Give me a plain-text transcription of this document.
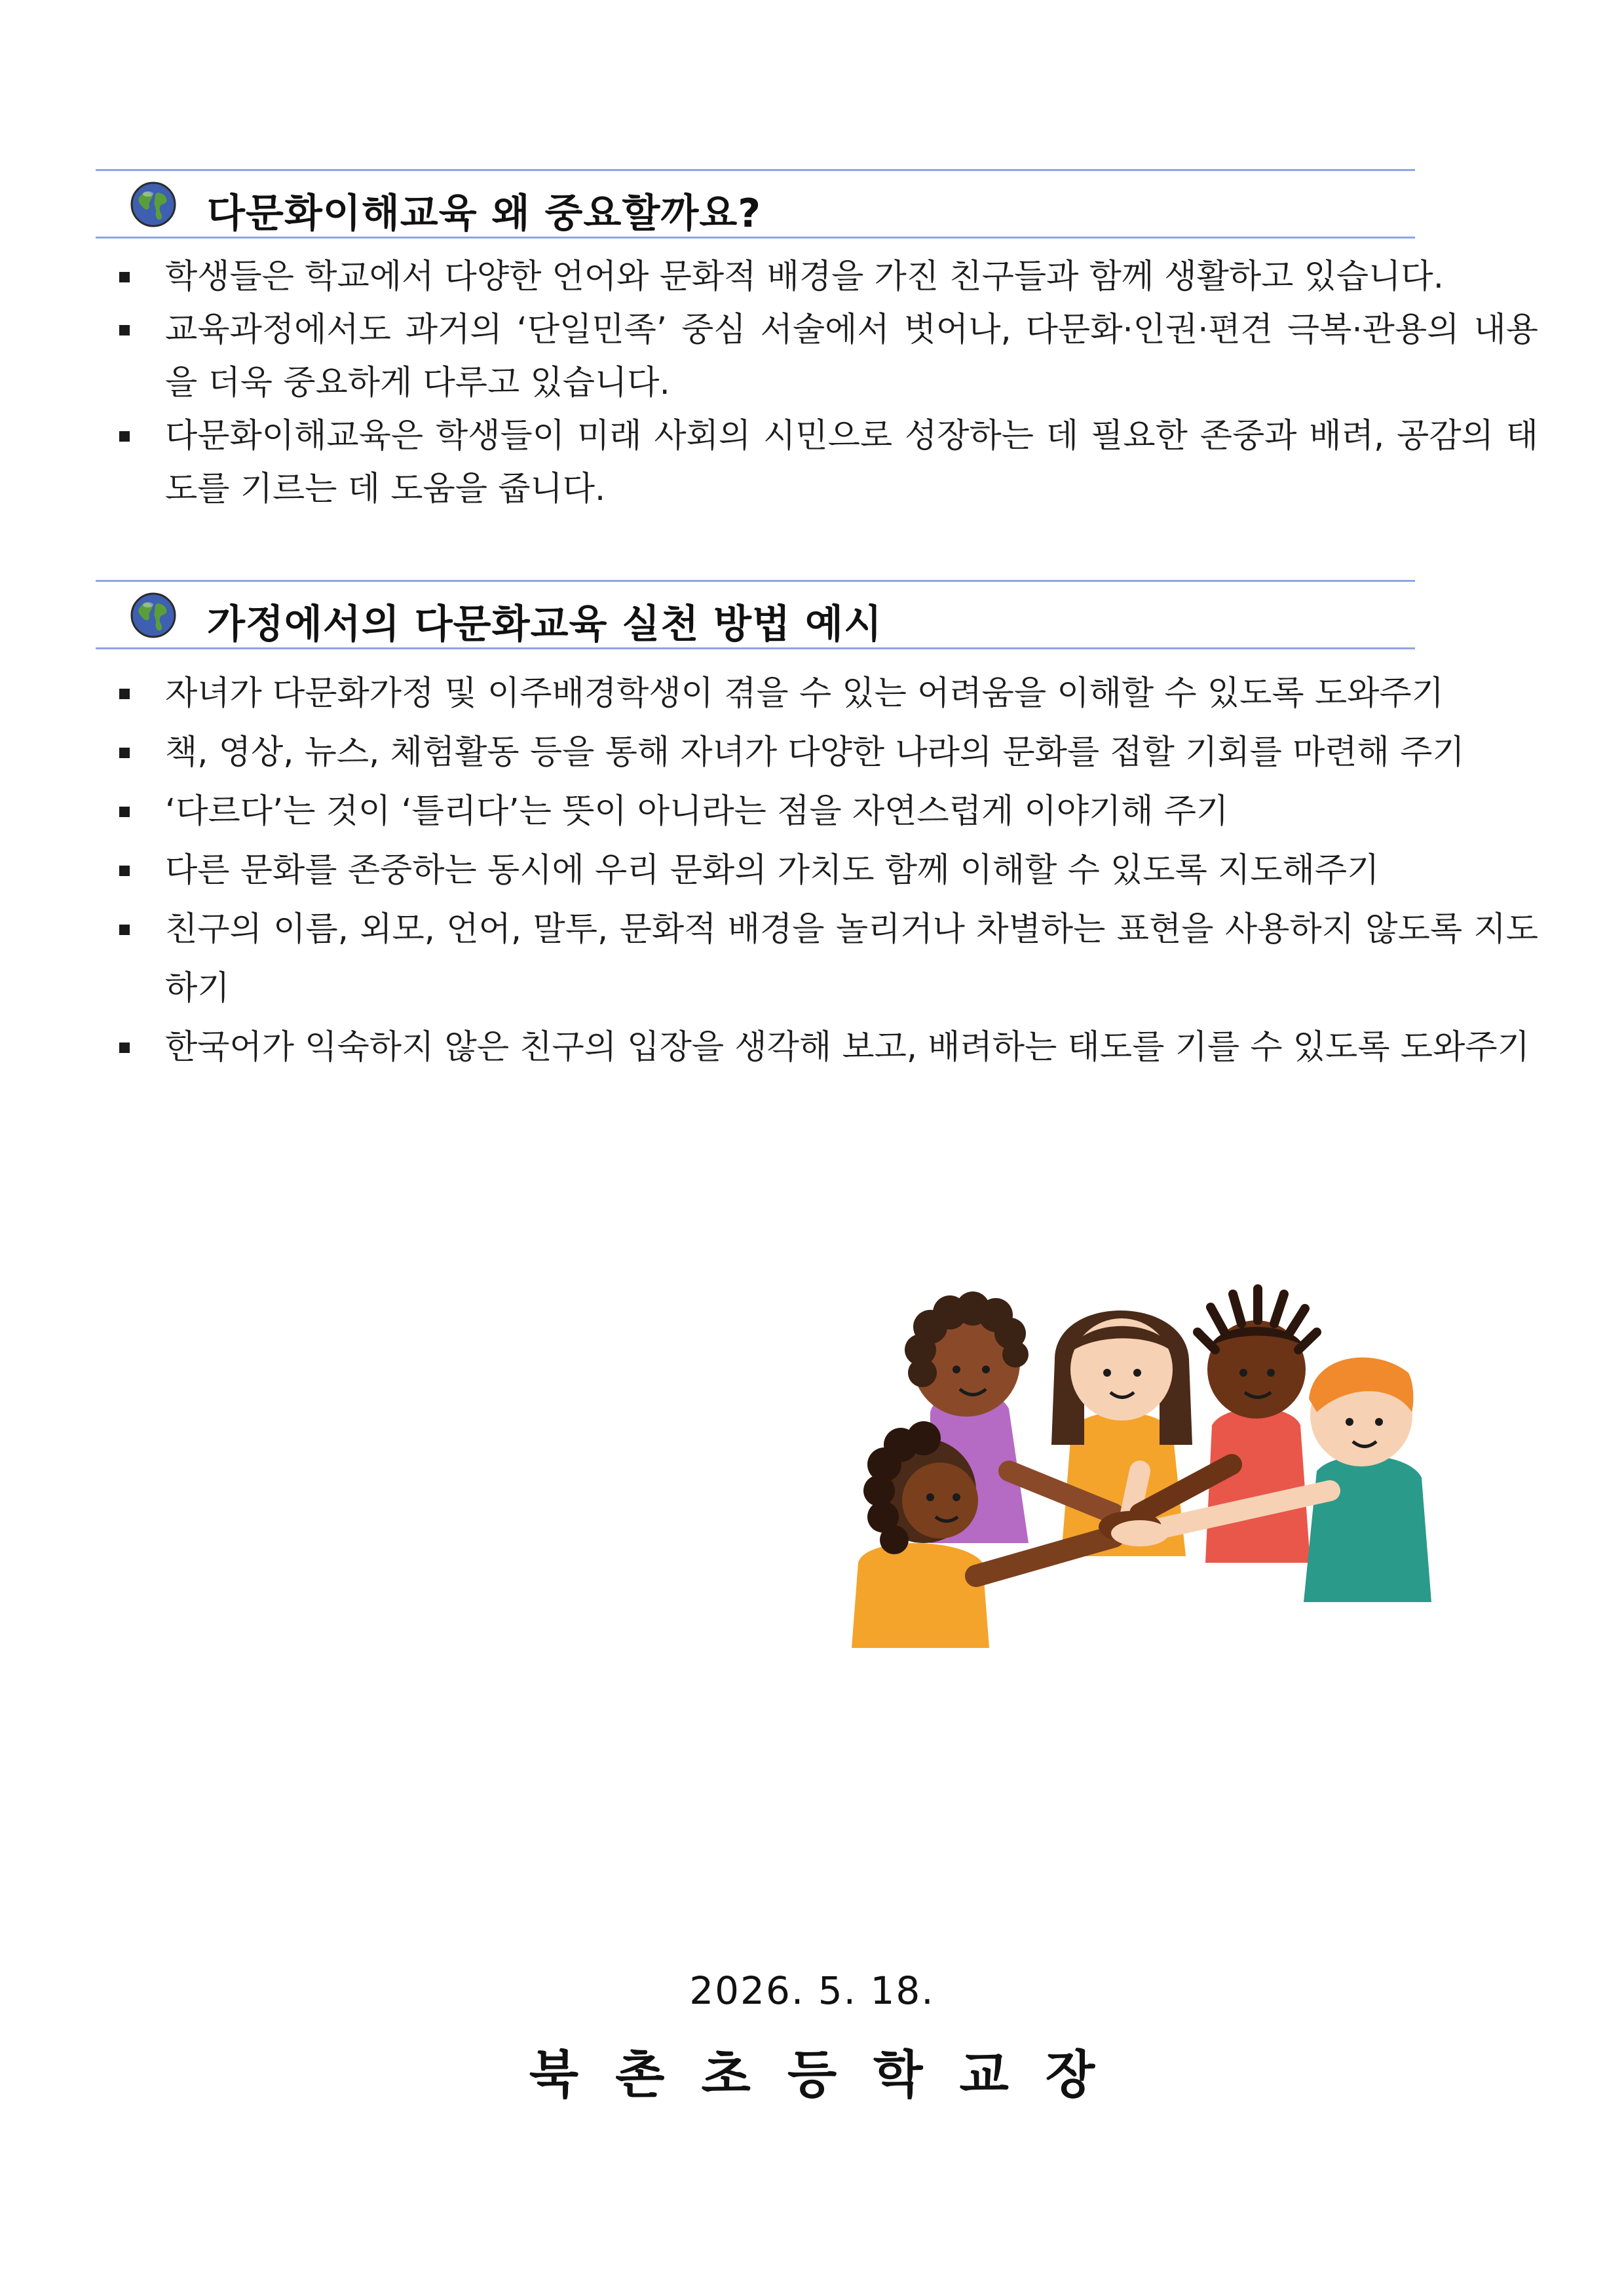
다문화이해교육 왜 중요할까요?
학생들은 학교에서 다양한 언어와 문화적 배경을 가진 친구들과 함께 생활하고 있습니다.
교육과정에서도 과거의 ‘단일민족’ 중심 서술에서 벗어나, 다문화·인권·편견 극복·관용의 내용을 더욱 중요하게 다루고 있습니다.
다문화이해교육은 학생들이 미래 사회의 시민으로 성장하는 데 필요한 존중과 배려, 공감의 태도를 기르는 데 도움을 줍니다.
가정에서의 다문화교육 실천 방법 예시
자녀가 다문화가정 및 이주배경학생이 겪을 수 있는 어려움을 이해할 수 있도록 도와주기
책, 영상, 뉴스, 체험활동 등을 통해 자녀가 다양한 나라의 문화를 접할 기회를 마련해 주기
‘다르다’는 것이 ‘틀리다’는 뜻이 아니라는 점을 자연스럽게 이야기해 주기
다른 문화를 존중하는 동시에 우리 문화의 가치도 함께 이해할 수 있도록 지도해주기
친구의 이름, 외모, 언어, 말투, 문화적 배경을 놀리거나 차별하는 표현을 사용하지 않도록 지도하기
한국어가 익숙하지 않은 친구의 입장을 생각해 보고, 배려하는 태도를 기를 수 있도록 도와주기
2026. 5. 18.
북촌초등학교장
